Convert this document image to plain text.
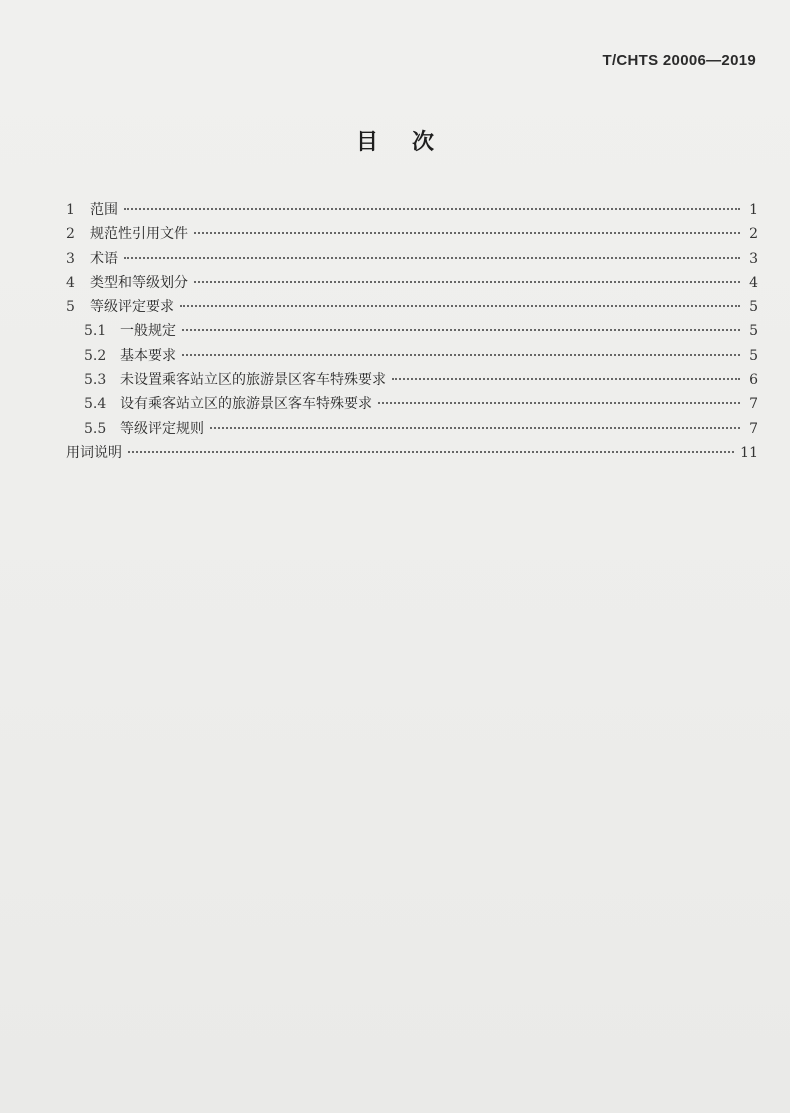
T/CHTS 20006—2019
目次
1	范围	1
2	规范性引用文件	2
3	术语	3
4	类型和等级划分	4
5	等级评定要求	5
5.1 一般规定	5
5.2 基本要求	5
5.3 未设置乘客站立区的旅游景区客车特殊要求	6
5.4 设有乘客站立区的旅游景区客车特殊要求	7
5.5 等级评定规则	7
用词说明	11
